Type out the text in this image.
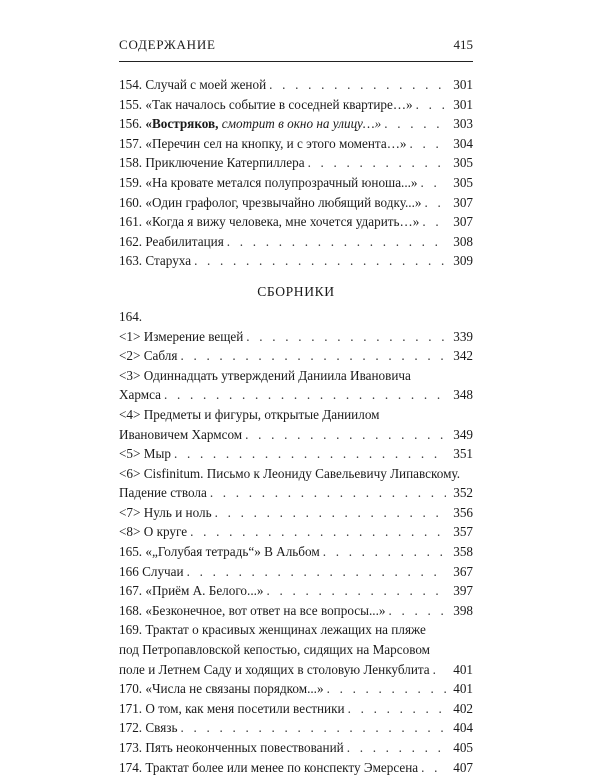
СОДЕРЖАНИЕ	415
154. Случай с моей женой . . .	301
155. «Так началось событие в соседней квартире…» . . .	301
156. «Востряков, смотрит в окно на улицу…» . . .	303
157. «Перечин сел на кнопку, и с этого момента…» . . .	304
158. Приключение Катерпиллера . . .	305
159. «На кровате метался полупрозрачный юноша...» . . .	305
160. «Один графолог, чрезвычайно любящий водку...» . . .	307
161. «Когда я вижу человека, мне хочется ударить…» . . .	307
162. Реабилитация . . .	308
163. Старуха . . .	309
СБОРНИКИ
164.
<1> Измерение вещей . . .	339
<2> Сабля . . .	342
<3> Одиннадцать утверждений Даниила Ивановича
Хармса . . .	348
<4> Предметы и фигуры, открытые Даниилом
Ивановичем Хармсом . . .	349
<5> Мыр . . .	351
<6> Cisfinitum. Письмо к Леониду Савельевичу Липавскому.
Падение ствола . . .	352
<7> Нуль и ноль . . .	356
<8> О круге . . .	357
165. «„Голубая тетрадь“» В Альбом . . .	358
166 Случаи . . .	367
167. «Приём А. Белого...» . . .	397
168. «Безконечное, вот ответ на все вопросы...» . . .	398
169. Трактат о красивых женщинах лежащих на пляже
под Петропавловской кепостью, сидящих на Марсовом
поле и Летнем Саду и ходящих в столовую Ленкублита . . .	401
170. «Числа не связаны порядком...» . . .	401
171. О том, как меня посетили вестники . . .	402
172. Связь . . .	404
173. Пять неоконченных повествований . . .	405
174. Трактат более или менее по конспекту Эмерсена . . .	407
